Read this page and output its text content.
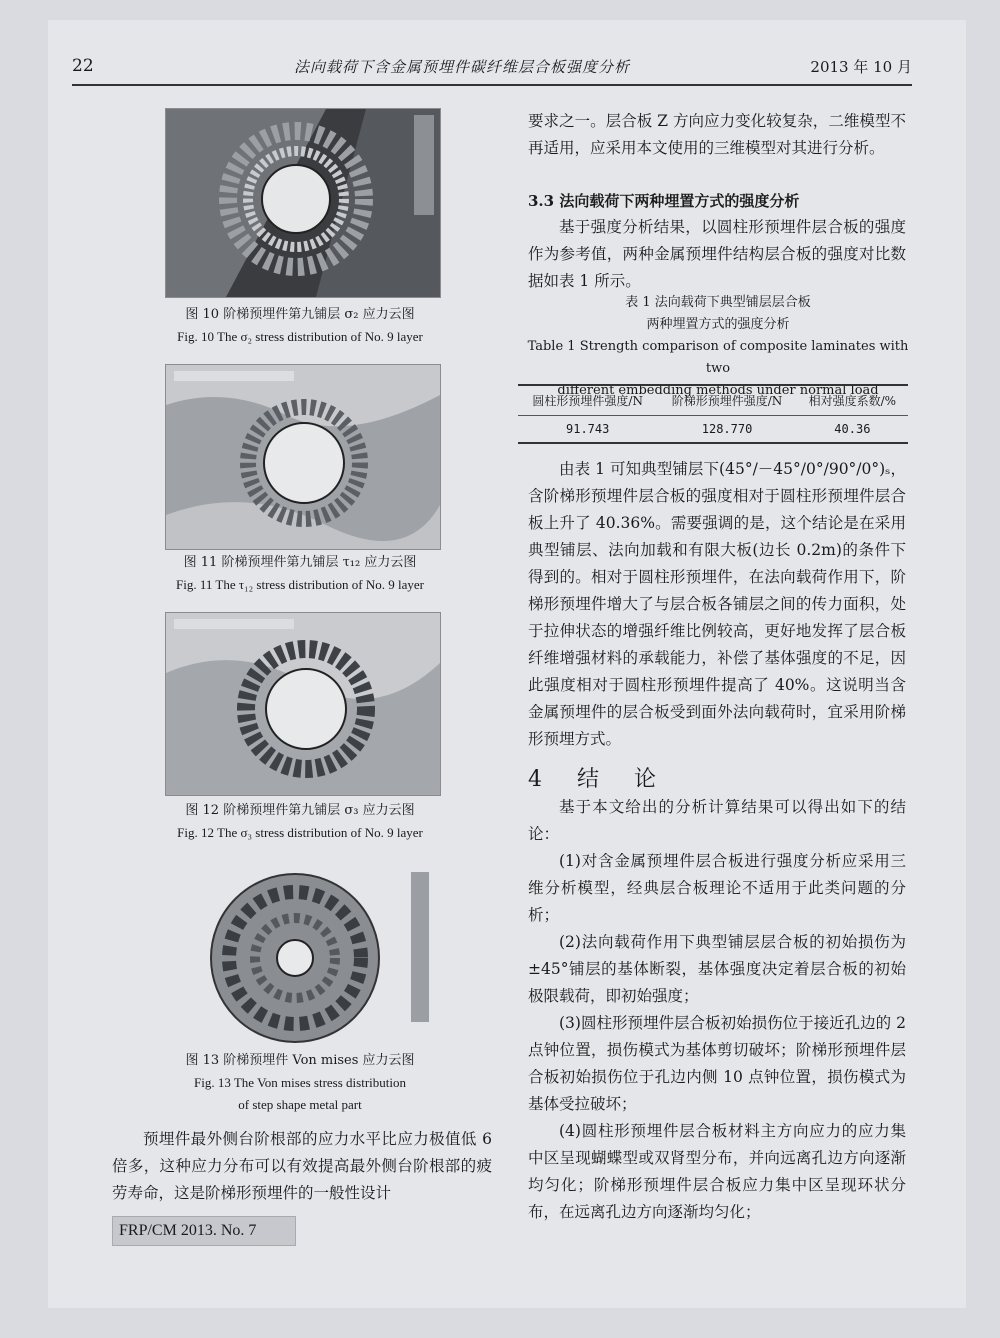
22	法向载荷下含金属预埋件碳纤维层合板强度分析	2013 年 10 月
图 10 阶梯预埋件第九铺层 σ₂ 应力云图
Fig. 10 The σ₂ stress distribution of No. 9 layer
图 11 阶梯预埋件第九铺层 τ₁₂ 应力云图
Fig. 11 The τ₁₂ stress distribution of No. 9 layer
图 12 阶梯预埋件第九铺层 σ₃ 应力云图
Fig. 12 The σ₃ stress distribution of No. 9 layer
图 13 阶梯预埋件 Von mises 应力云图
Fig. 13 The Von mises stress distribution
of step shape metal part
预埋件最外侧台阶根部的应力水平比应力极值低 6 倍多，这种应力分布可以有效提高最外侧台阶根部的疲劳寿命，这是阶梯形预埋件的一般性设计
要求之一。层合板 Z 方向应力变化较复杂，二维模型不再适用，应采用本文使用的三维模型对其进行分析。
3.3 法向载荷下两种埋置方式的强度分析
基于强度分析结果，以圆柱形预埋件层合板的强度作为参考值，两种金属预埋件结构层合板的强度对比数据如表 1 所示。
表 1 法向载荷下典型铺层层合板
两种埋置方式的强度分析
Table 1 Strength comparison of composite laminates with two
different embedding methods under normal load
圆柱形预埋件强度/N	阶梯形预埋件强度/N	相对强度系数/%
91.743	128.770	40.36
由表 1 可知典型铺层下(45°/－45°/0°/90°/0°)ₛ，含阶梯形预埋件层合板的强度相对于圆柱形预埋件层合板上升了 40.36%。需要强调的是，这个结论是在采用典型铺层、法向加载和有限大板(边长 0.2m)的条件下得到的。相对于圆柱形预埋件，在法向载荷作用下，阶梯形预埋件增大了与层合板各铺层之间的传力面积，处于拉伸状态的增强纤维比例较高，更好地发挥了层合板纤维增强材料的承载能力，补偿了基体强度的不足，因此强度相对于圆柱形预埋件提高了 40%。这说明当含金属预埋件的层合板受到面外法向载荷时，宜采用阶梯形预埋方式。
4 结 论
基于本文给出的分析计算结果可以得出如下的结论：
(1)对含金属预埋件层合板进行强度分析应采用三维分析模型，经典层合板理论不适用于此类问题的分析；
(2)法向载荷作用下典型铺层层合板的初始损伤为 ±45°铺层的基体断裂，基体强度决定着层合板的初始极限载荷，即初始强度；
(3)圆柱形预埋件层合板初始损伤位于接近孔边的 2 点钟位置，损伤模式为基体剪切破坏；阶梯形预埋件层合板初始损伤位于孔边内侧 10 点钟位置，损伤模式为基体受拉破坏；
(4)圆柱形预埋件层合板材料主方向应力的应力集中区呈现蝴蝶型或双肾型分布，并向远离孔边方向逐渐均匀化；阶梯形预埋件层合板应力集中区呈现环状分布，在远离孔边方向逐渐均匀化；
FRP/CM 2013. No. 7
